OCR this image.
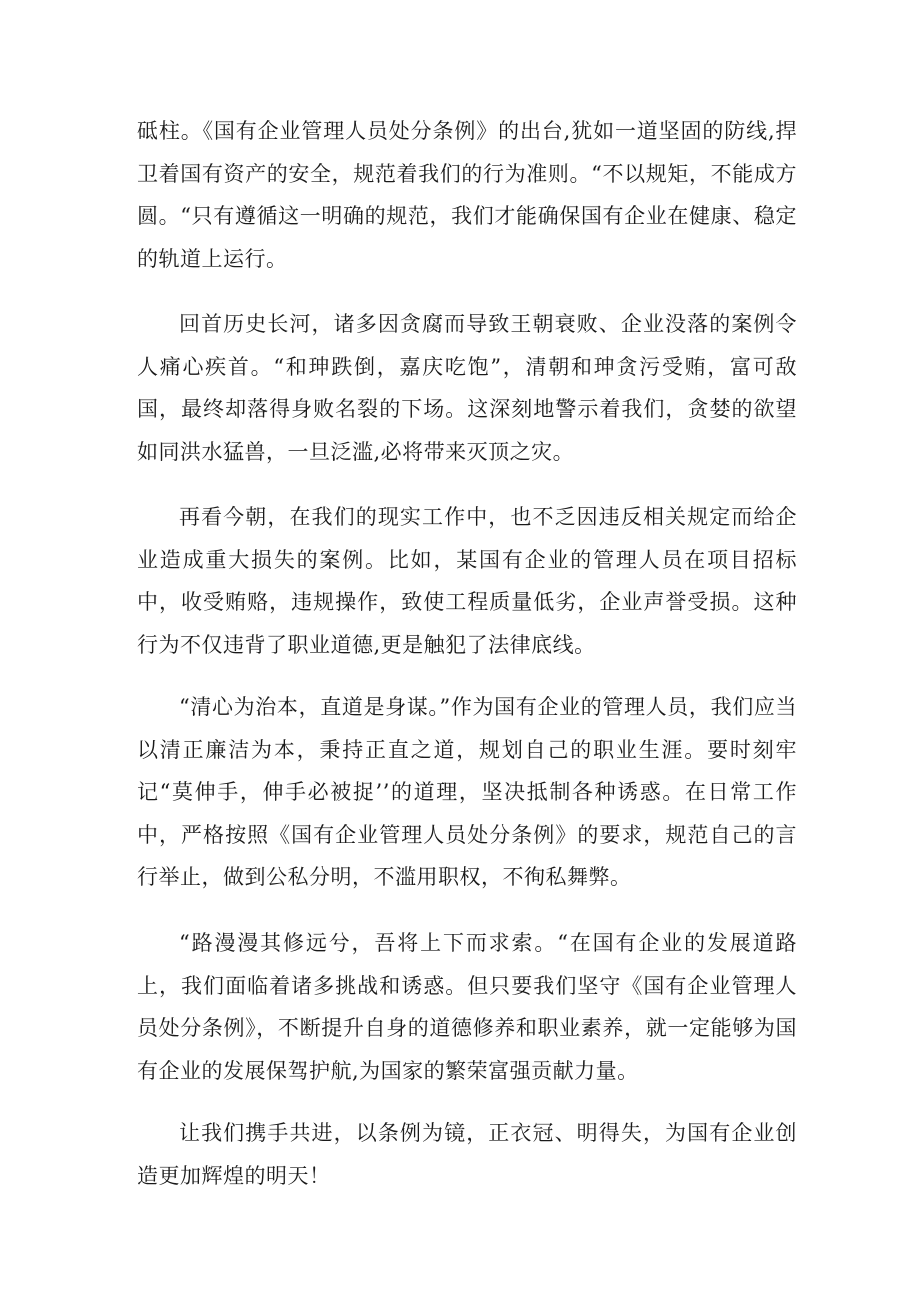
砥柱。《国有企业管理人员处分条例》的出台,犹如一道坚固的防线,捍卫着国有资产的安全，规范着我们的行为准则。“不以规矩，不能成方圆。“只有遵循这一明确的规范，我们才能确保国有企业在健康、稳定的轨道上运行。

回首历史长河，诸多因贪腐而导致王朝衰败、企业没落的案例令人痛心疾首。“和珅跌倒，嘉庆吃饱”，清朝和珅贪污受贿，富可敌国，最终却落得身败名裂的下场。这深刻地警示着我们，贪婪的欲望如同洪水猛兽，一旦泛滥,必将带来灭顶之灾。

再看今朝，在我们的现实工作中，也不乏因违反相关规定而给企业造成重大损失的案例。比如，某国有企业的管理人员在项目招标中，收受贿赂，违规操作，致使工程质量低劣，企业声誉受损。这种行为不仅违背了职业道德,更是触犯了法律底线。

“清心为治本，直道是身谋。”作为国有企业的管理人员，我们应当以清正廉洁为本，秉持正直之道，规划自己的职业生涯。要时刻牢记“莫伸手，伸手必被捉’’的道理，坚决抵制各种诱惑。在日常工作中，严格按照《国有企业管理人员处分条例》的要求，规范自己的言行举止，做到公私分明，不滥用职权，不徇私舞弊。

“路漫漫其修远兮，吾将上下而求索。“在国有企业的发展道路上，我们面临着诸多挑战和诱惑。但只要我们坚守《国有企业管理人员处分条例》，不断提升自身的道德修养和职业素养，就一定能够为国有企业的发展保驾护航,为国家的繁荣富强贡献力量。

让我们携手共进，以条例为镜，正衣冠、明得失，为国有企业创造更加辉煌的明天！
